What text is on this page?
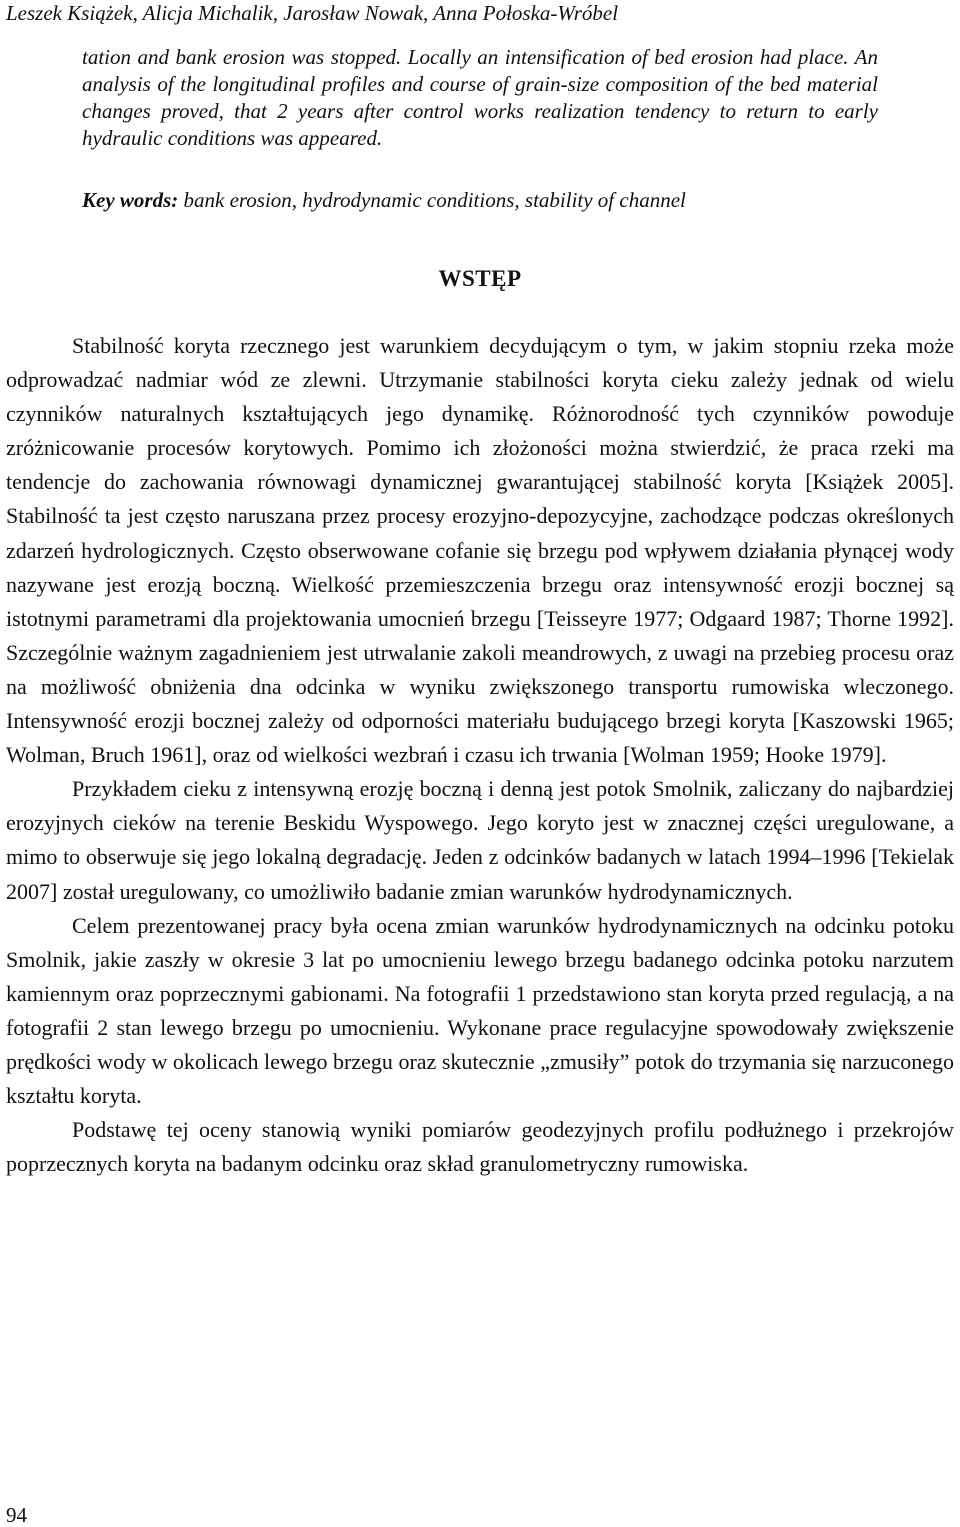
Leszek Książek, Alicja Michalik, Jarosław Nowak, Anna Połoska-Wróbel
tation and bank erosion was stopped. Locally an intensification of bed erosion had place. An analysis of the longitudinal profiles and course of grain-size composition of the bed material changes proved, that 2 years after control works realization tendency to return to early hydraulic conditions was appeared.
Key words: bank erosion, hydrodynamic conditions, stability of channel
WSTĘP

Stabilność koryta rzecznego jest warunkiem decydującym o tym, w jakim stopniu rzeka może odprowadzać nadmiar wód ze zlewni. Utrzymanie stabilności koryta cieku zależy jednak od wielu czynników naturalnych kształtujących jego dynamikę. Różnorodność tych czynników powoduje zróżnicowanie procesów korytowych. Pomimo ich złożoności można stwierdzić, że praca rzeki ma tendencje do zachowania równowagi dynamicznej gwarantującej stabilność koryta [Książek 2005]. Stabilność ta jest często naruszana przez procesy erozyjno-depozycyjne, zachodzące podczas określonych zdarzeń hydrologicznych. Często obserwowane cofanie się brzegu pod wpływem działania płynącej wody nazywane jest erozją boczną. Wielkość przemieszczenia brzegu oraz intensywność erozji bocznej są istotnymi parametrami dla projektowania umocnień brzegu [Teisseyre 1977; Odgaard 1987; Thorne 1992]. Szczególnie ważnym zagadnieniem jest utrwalanie zakoli meandrowych, z uwagi na przebieg procesu oraz na możliwość obniżenia dna odcinka w wyniku zwiększonego transportu rumowiska wleczonego. Intensywność erozji bocznej zależy od odporności materiału budującego brzegi koryta [Kaszowski 1965; Wolman, Bruch 1961], oraz od wielkości wezbrań i czasu ich trwania [Wolman 1959; Hooke 1979].

Przykładem cieku z intensywną erozję boczną i denną jest potok Smolnik, zaliczany do najbardziej erozyjnych cieków na terenie Beskidu Wyspowego. Jego koryto jest w znacznej części uregulowane, a mimo to obserwuje się jego lokalną degradację. Jeden z odcinków badanych w latach 1994–1996 [Tekielak 2007] został uregulowany, co umożliwiło badanie zmian warunków hydrodynamicznych.

Celem prezentowanej pracy była ocena zmian warunków hydrodynamicznych na odcinku potoku Smolnik, jakie zaszły w okresie 3 lat po umocnieniu lewego brzegu badanego odcinka potoku narzutem kamiennym oraz poprzecznymi gabionami. Na fotografii 1 przedstawiono stan koryta przed regulacją, a na fotografii 2 stan lewego brzegu po umocnieniu. Wykonane prace regulacyjne spowodowały zwiększenie prędkości wody w okolicach lewego brzegu oraz skutecznie „zmusiły” potok do trzymania się narzuconego kształtu koryta.

Podstawę tej oceny stanowią wyniki pomiarów geodezyjnych profilu podłużnego i przekrojów poprzecznych koryta na badanym odcinku oraz skład granulometryczny rumowiska.

94
